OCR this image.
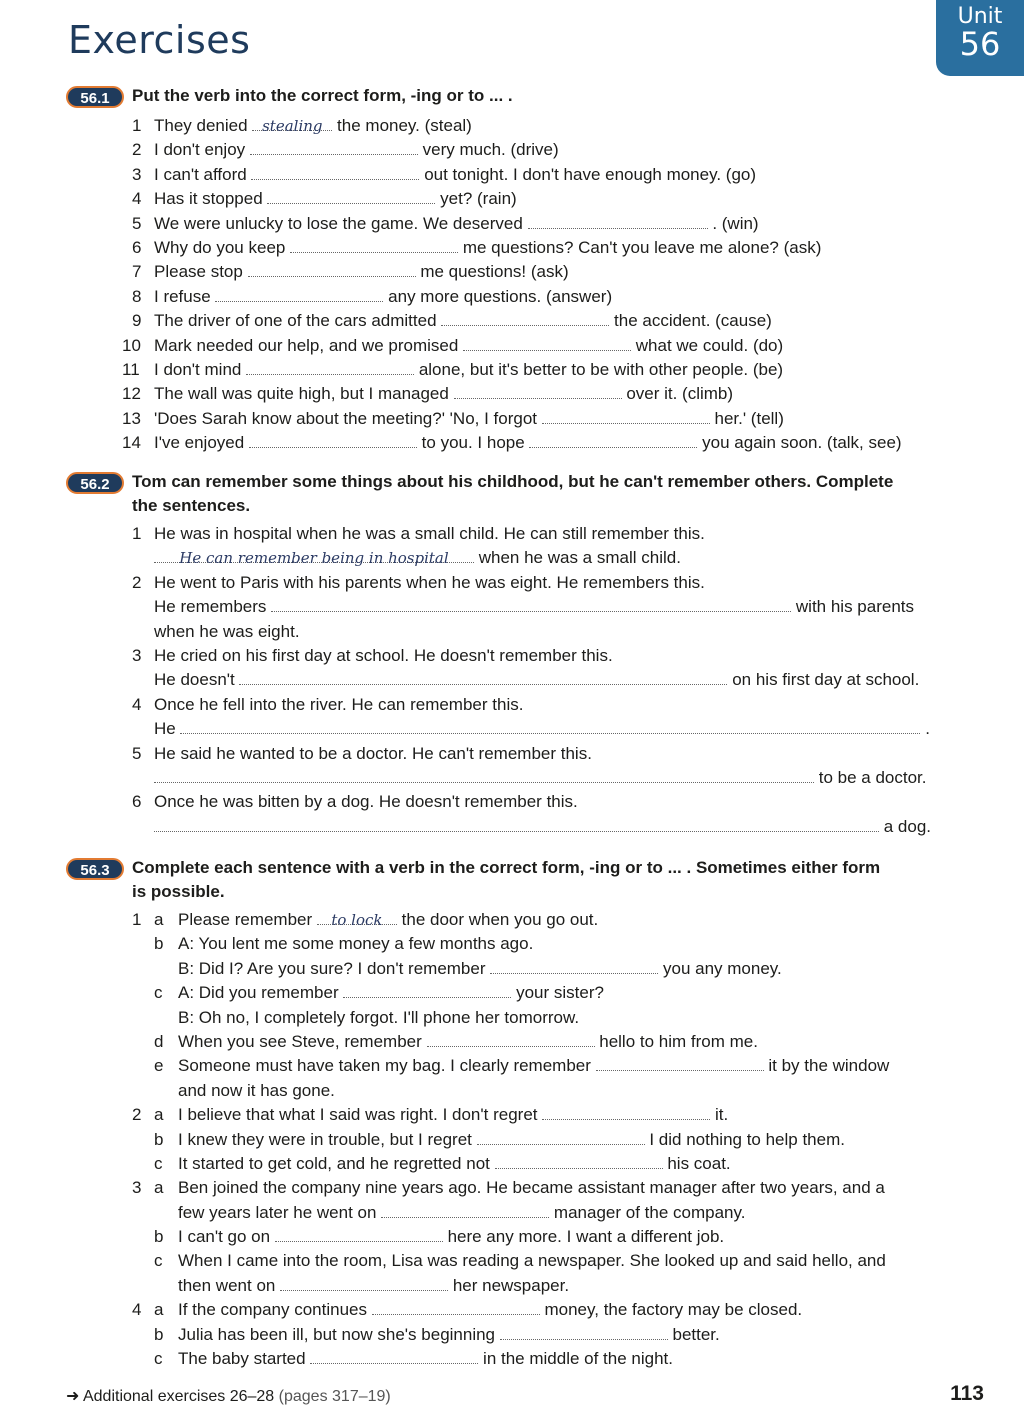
Exercises
Unit
56
56.1	Put the verb into the correct form, -ing or to ... .
1 They denied stealing the money. (steal)
2 I don't enjoy	very much. (drive)
3 I can't afford	out tonight. I don't have enough money. (go)
4 Has it stopped	yet? (rain)
5 We were unlucky to lose the game. We deserved	. (win)
6 Why do you keep	me questions? Can't you leave me alone? (ask)
7 Please stop	me questions! (ask)
8 I refuse	any more questions. (answer)
9 The driver of one of the cars admitted	the accident. (cause)
10 Mark needed our help, and we promised	what we could. (do)
11 I don't mind	alone, but it's better to be with other people. (be)
12 The wall was quite high, but I managed	over it. (climb)
13 'Does Sarah know about the meeting?' 'No, I forgot	her.' (tell)
14 I've enjoyed	to you. I hope	you again soon. (talk, see)
56.2	Tom can remember some things about his childhood, but he can't remember others. Complete
the sentences.
1 He was in hospital when he was a small child. He can still remember this.
He can remember being in hospital when he was a small child.
2 He went to Paris with his parents when he was eight. He remembers this.
He remembers	with his parents
when he was eight.
3 He cried on his first day at school. He doesn't remember this.
He doesn't	on his first day at school.
4 Once he fell into the river. He can remember this.
He	.
5 He said he wanted to be a doctor. He can't remember this.
to be a doctor.
6 Once he was bitten by a dog. He doesn't remember this.
a dog.
56.3	Complete each sentence with a verb in the correct form, -ing or to ... . Sometimes either form
is possible.
1 a Please remember to lock the door when you go out.
b A: You lent me some money a few months ago.
B: Did I? Are you sure? I don't remember	you any money.
c A: Did you remember	your sister?
B: Oh no, I completely forgot. I'll phone her tomorrow.
d When you see Steve, remember	hello to him from me.
e Someone must have taken my bag. I clearly remember	it by the window
and now it has gone.
2 a I believe that what I said was right. I don't regret	it.
b I knew they were in trouble, but I regret	I did nothing to help them.
c It started to get cold, and he regretted not	his coat.
3 a Ben joined the company nine years ago. He became assistant manager after two years, and a
few years later he went on	manager of the company.
b I can't go on	here any more. I want a different job.
c When I came into the room, Lisa was reading a newspaper. She looked up and said hello, and
then went on	her newspaper.
4 a If the company continues	money, the factory may be closed.
b Julia has been ill, but now she's beginning	better.
c The baby started	in the middle of the night.
➜ Additional exercises 26–28 (pages 317–19)	113
